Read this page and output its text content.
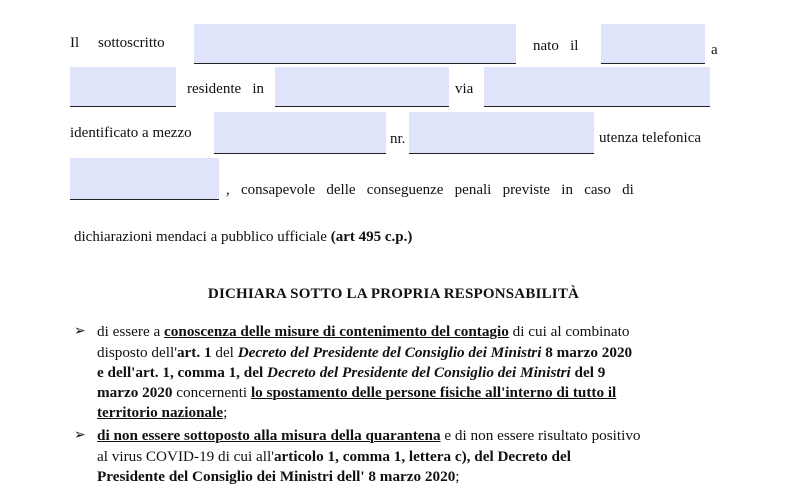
Il sottoscritto	nato   il	a
residente   in	via
identificato a mezzo	nr.	utenza telefonica
,   consapevole   delle   conseguenze   penali   previste   in   caso   di
dichiarazioni mendaci a pubblico ufficiale (art 495 c.p.)
DICHIARA SOTTO LA PROPRIA RESPONSABILITÀ
➢ di essere a conoscenza delle misure di contenimento del contagio di cui al combinato
disposto dell'art. 1 del Decreto del Presidente del Consiglio dei Ministri 8 marzo 2020
e dell'art. 1, comma 1, del Decreto del Presidente del Consiglio dei Ministri del 9
marzo 2020 concernenti lo spostamento delle persone fisiche all'interno di tutto il
territorio nazionale;
➢ di non essere sottoposto alla misura della quarantena e di non essere risultato positivo
al virus COVID-19 di cui all'articolo 1, comma 1, lettera c), del Decreto del
Presidente del Consiglio dei Ministri dell' 8 marzo 2020;
